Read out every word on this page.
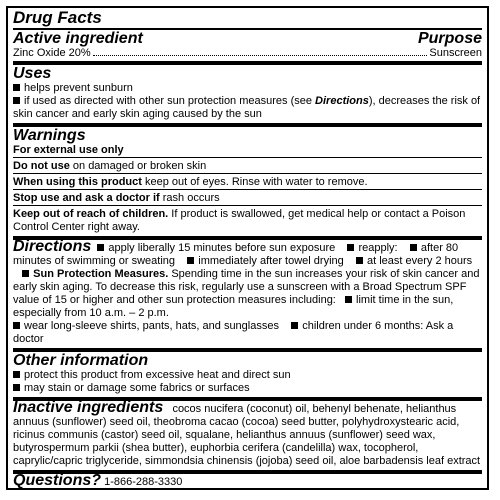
Drug Facts
Active ingredient	Purpose
Zinc Oxide 20%	Sunscreen
Uses
helps prevent sunburn
if used as directed with other sun protection measures (see Directions), decreases the risk of skin cancer and early skin aging caused by the sun
Warnings
For external use only
Do not use on damaged or broken skin
When using this product keep out of eyes. Rinse with water to remove.
Stop use and ask a doctor if rash occurs
Keep out of reach of children. If product is swallowed, get medical help or contact a Poison Control Center right away.
Directions apply liberally 15 minutes before sun exposure reapply: after 80 minutes of swimming or sweating immediately after towel drying at least every 2 hours    Sun Protection Measures. Spending time in the sun increases your risk of skin cancer and early skin aging. To decrease this risk, regularly use a sunscreen with a Broad Spectrum SPF value of 15 or higher and other sun protection measures including: limit time in the sun, especially from 10 a.m. – 2 p.m.
wear long-sleeve shirts, pants, hats, and sunglasses children under 6 months: Ask a doctor
Other information
protect this product from excessive heat and direct sun
may stain or damage some fabrics or surfaces
Inactive ingredients cocos nucifera (coconut) oil, behenyl behenate, helianthus annuus (sunflower) seed oil, theobroma cacao (cocoa) seed butter, polyhydroxystearic acid, ricinus communis (castor) seed oil, squalane, helianthus annuus (sunflower) seed wax, butyrospermum parkii (shea butter), euphorbia cerifera (candelilla) wax, tocopherol, caprylic/capric triglyceride, simmondsia chinensis (jojoba) seed oil, aloe barbadensis leaf extract
Questions? 1-866-288-3330
